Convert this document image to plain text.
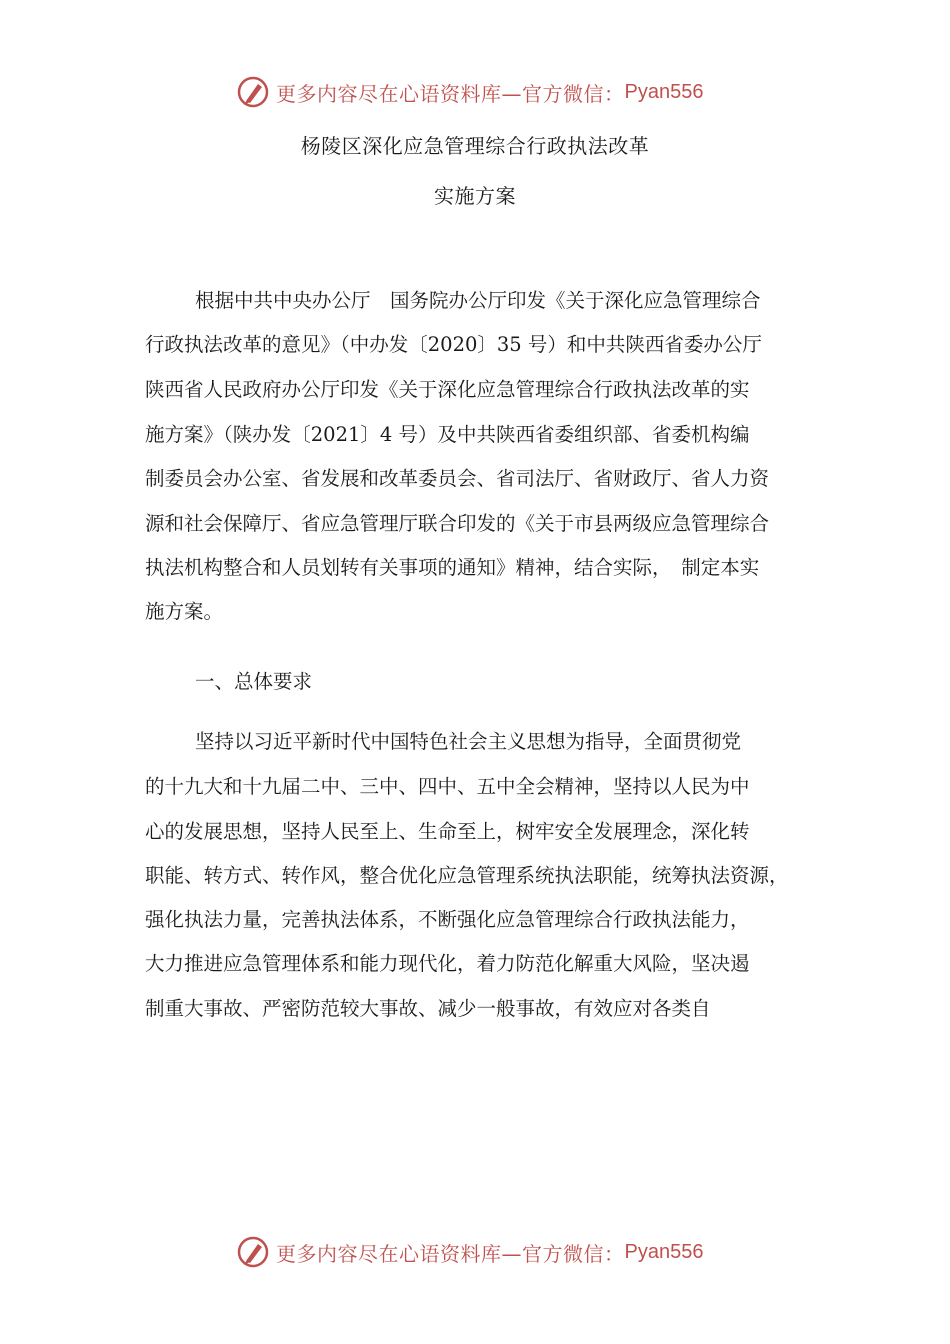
更多内容尽在心语资料库—官方微信： Pyan556
杨陵区深化应急管理综合行政执法改革
实施方案
根据中共中央办公厅　国务院办公厅印发《关于深化应急管理综合
行政执法改革的意见》（中办发〔2020〕35 号）和中共陕西省委办公厅
陕西省人民政府办公厅印发《关于深化应急管理综合行政执法改革的实
施方案》（陕办发〔2021〕4 号）及中共陕西省委组织部、省委机构编
制委员会办公室、省发展和改革委员会、省司法厅、省财政厅、省人力资
源和社会保障厅、省应急管理厅联合印发的《关于市县两级应急管理综合
执法机构整合和人员划转有关事项的通知》精神，结合实际，　制定本实
施方案。
一、总体要求
坚持以习近平新时代中国特色社会主义思想为指导，全面贯彻党
的十九大和十九届二中、三中、四中、五中全会精神，坚持以人民为中
心的发展思想，坚持人民至上、生命至上，树牢安全发展理念，深化转
职能、转方式、转作风，整合优化应急管理系统执法职能，统筹执法资源，
强化执法力量，完善执法体系，不断强化应急管理综合行政执法能力，
大力推进应急管理体系和能力现代化，着力防范化解重大风险，坚决遏
制重大事故、严密防范较大事故、减少一般事故，有效应对各类自
更多内容尽在心语资料库—官方微信： Pyan556
